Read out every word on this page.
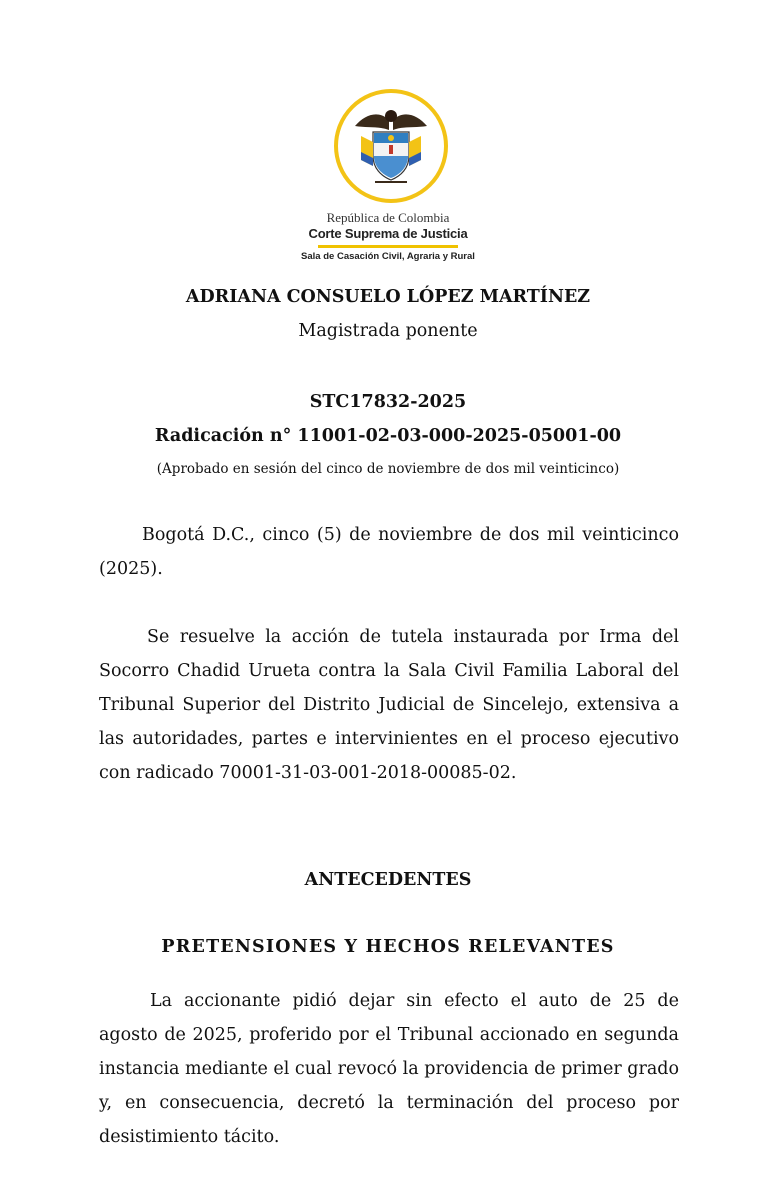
República de Colombia
Corte Suprema de Justicia
Sala de Casación Civil, Agraria y Rural
ADRIANA CONSUELO LÓPEZ MARTÍNEZ
Magistrada ponente
STC17832-2025
Radicación n° 11001-02-03-000-2025-05001-00
(Aprobado en sesión del cinco de noviembre de dos mil veinticinco)

Bogotá D.C., cinco (5) de noviembre de dos mil veinticinco (2025).

Se resuelve la acción de tutela instaurada por Irma del Socorro Chadid Urueta contra la Sala Civil Familia Laboral del Tribunal Superior del Distrito Judicial de Sincelejo, extensiva a las autoridades, partes e intervinientes en el proceso ejecutivo con radicado 70001-31-03-001-2018-00085-02.

ANTECEDENTES
PRETENSIONES Y HECHOS RELEVANTES

La accionante pidió dejar sin efecto el auto de 25 de agosto de 2025, proferido por el Tribunal accionado en segunda instancia mediante el cual revocó la providencia de primer grado y, en consecuencia, decretó la terminación del proceso por desistimiento tácito.
